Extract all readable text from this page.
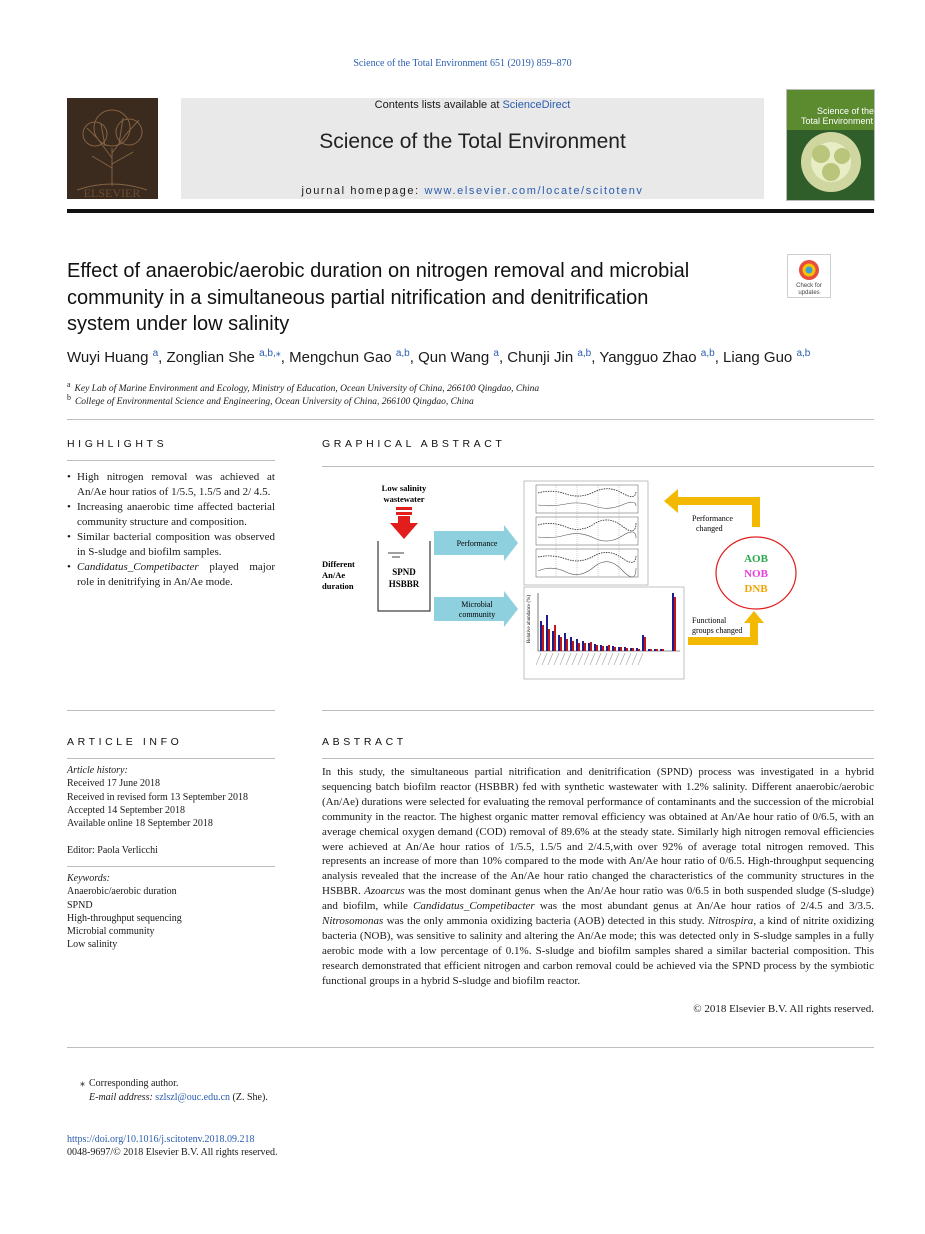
Science of the Total Environment 651 (2019) 859–870
ELSEVIER
Contents lists available at ScienceDirect
Science of the Total Environment
journal homepage: www.elsevier.com/locate/scitotenv
Science of the
Total Environment
Effect of anaerobic/aerobic duration on nitrogen removal and microbial
community in a simultaneous partial nitrification and denitrification
system under low salinity
Check for
updates
Wuyi Huang $^a$, Zonglian She $^{a,b,⁎}$, Mengchun Gao $^{a,b}$, Qun Wang $^a$, Chunji Jin $^{a,b}$, Yangguo Zhao $^{a,b}$, Liang Guo $^{a,b}$
$^a$ Key Lab of Marine Environment and Ecology, Ministry of Education, Ocean University of China, 266100 Qingdao, China
$^b$ College of Environmental Science and Engineering, Ocean University of China, 266100 Qingdao, China
HIGHLIGHTS
• High nitrogen removal was achieved at An/Ae hour ratios of 1/5.5, 1.5/5 and 2/ 4.5.
• Increasing anaerobic time affected bacterial community structure and composition.
• Similar bacterial composition was observed in S-sludge and biofilm samples.
• Candidatus_Competibacter played major role in denitrifying in An/Ae mode.
GRAPHICAL ABSTRACT
Low salinity
wastewater
Different
An/Ae
duration
SPND
HSBBR
Performance
Microbial
community	Relative abundance (%)
Performance
changed
Functional
groups changed
AOB
NOB
DNB
ARTICLE INFO
Article history:
Received 17 June 2018
Received in revised form 13 September 2018
Accepted 14 September 2018
Available online 18 September 2018
Editor: Paola Verlicchi
Keywords:
Anaerobic/aerobic duration
SPND
High-throughput sequencing
Microbial community
Low salinity
ABSTRACT
In this study, the simultaneous partial nitrification and denitrification (SPND) process was investigated in a hybrid sequencing batch biofilm reactor (HSBBR) fed with synthetic wastewater with 1.2% salinity. Different anaerobic/aerobic (An/Ae) durations were selected for evaluating the removal performance of contaminants and the succession of the microbial community in the reactor. The highest organic matter removal efficiency was obtained at An/Ae hour ratio of 0/6.5, with an average chemical oxygen demand (COD) removal of 89.6% at the steady state. Similarly high nitrogen removal efficiencies were achieved at An/Ae hour ratios of 1/5.5, 1.5/5 and 2/4.5,with over 92% of average total nitrogen removed. This represents an increase of more than 10% compared to the mode with An/Ae hour ratio of 0/6.5. High-throughput sequencing analysis revealed that the increase of the An/Ae hour ratio changed the characteristics of the community structures in the HSBBR. Azoarcus was the most dominant genus when the An/Ae hour ratio was 0/6.5 in both suspended sludge (S-sludge) and biofilm, while Candidatus_Competibacter was the most abundant genus at An/Ae hour ratios of 2/4.5 and 3/3.5. Nitrosomonas was the only ammonia oxidizing bacteria (AOB) detected in this study. Nitrospira, a kind of nitrite oxidizing bacteria (NOB), was sensitive to salinity and altering the An/Ae mode; this was detected only in S-sludge samples in a fully aerobic mode with a low percentage of 0.1%. S-sludge and biofilm samples shared a similar bacterial composition. This research demonstrated that efficient nitrogen and carbon removal could be achieved via the SPND process by the symbiotic functional groups in a hybrid S-sludge and biofilm reactor.
© 2018 Elsevier B.V. All rights reserved.
⁎ Corresponding author.
E-mail address: szlszl@ouc.edu.cn (Z. She).
https://doi.org/10.1016/j.scitotenv.2018.09.218
0048-9697/© 2018 Elsevier B.V. All rights reserved.
